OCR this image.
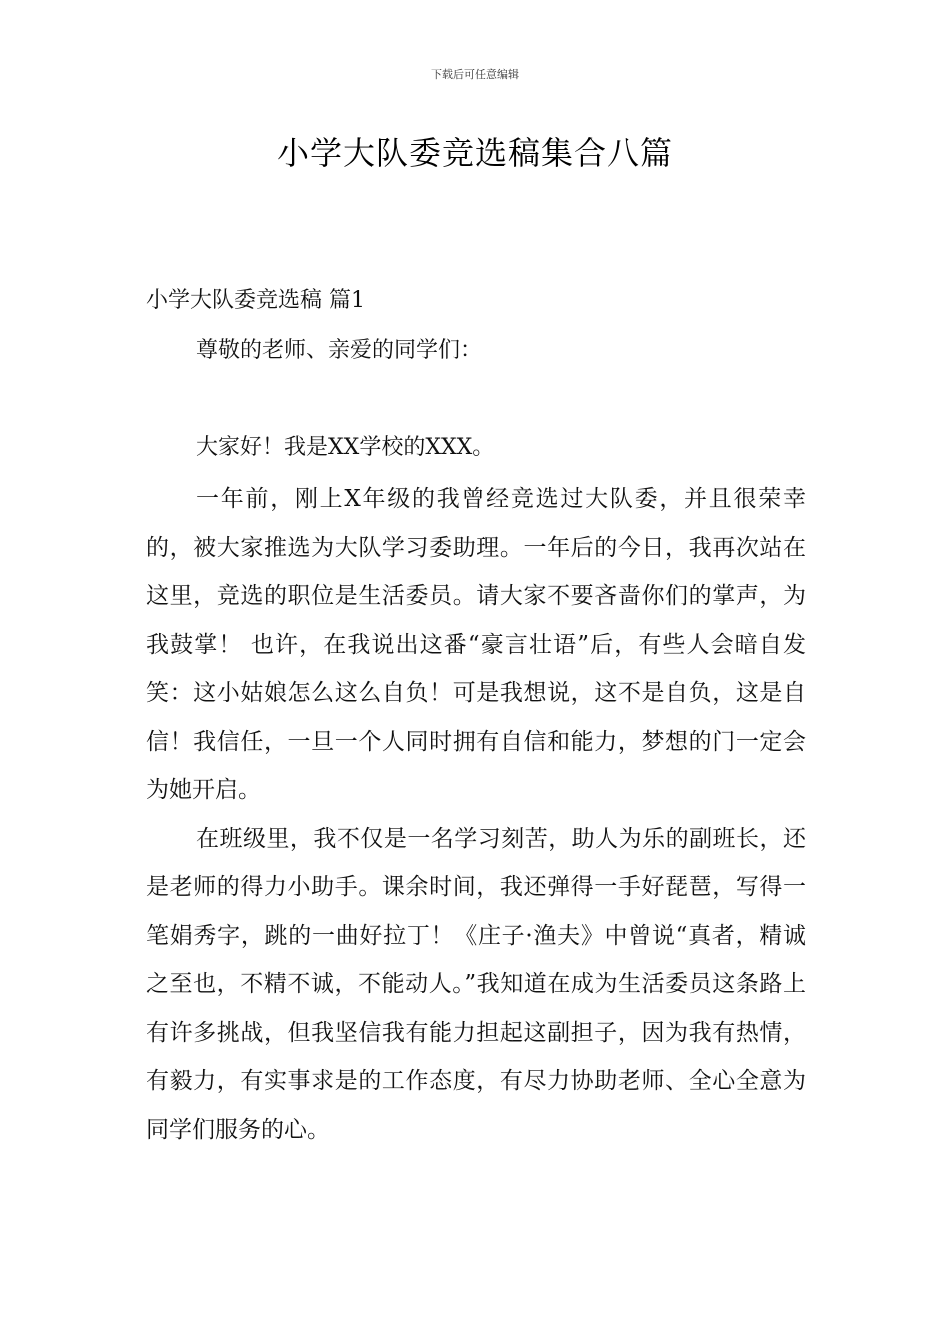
下载后可任意编辑
小学大队委竞选稿集合八篇
小学大队委竞选稿 篇1
尊敬的老师、亲爱的同学们：
大家好！我是XX学校的XXX。

一年前，刚上X年级的我曾经竞选过大队委，并且很荣幸的，被大家推选为大队学习委助理。一年后的今日，我再次站在这里，竞选的职位是生活委员。请大家不要吝啬你们的掌声，为我鼓掌！ 也许，在我说出这番“豪言壮语”后，有些人会暗自发笑：这小姑娘怎么这么自负！可是我想说，这不是自负，这是自信！我信任，一旦一个人同时拥有自信和能力，梦想的门一定会为她开启。

在班级里，我不仅是一名学习刻苦，助人为乐的副班长，还是老师的得力小助手。课余时间，我还弹得一手好琵琶，写得一笔娟秀字，跳的一曲好拉丁！《庄子·渔夫》中曾说“真者，精诚之至也，不精不诚，不能动人。”我知道在成为生活委员这条路上有许多挑战，但我坚信我有能力担起这副担子，因为我有热情，有毅力，有实事求是的工作态度，有尽力协助老师、全心全意为同学们服务的心。
